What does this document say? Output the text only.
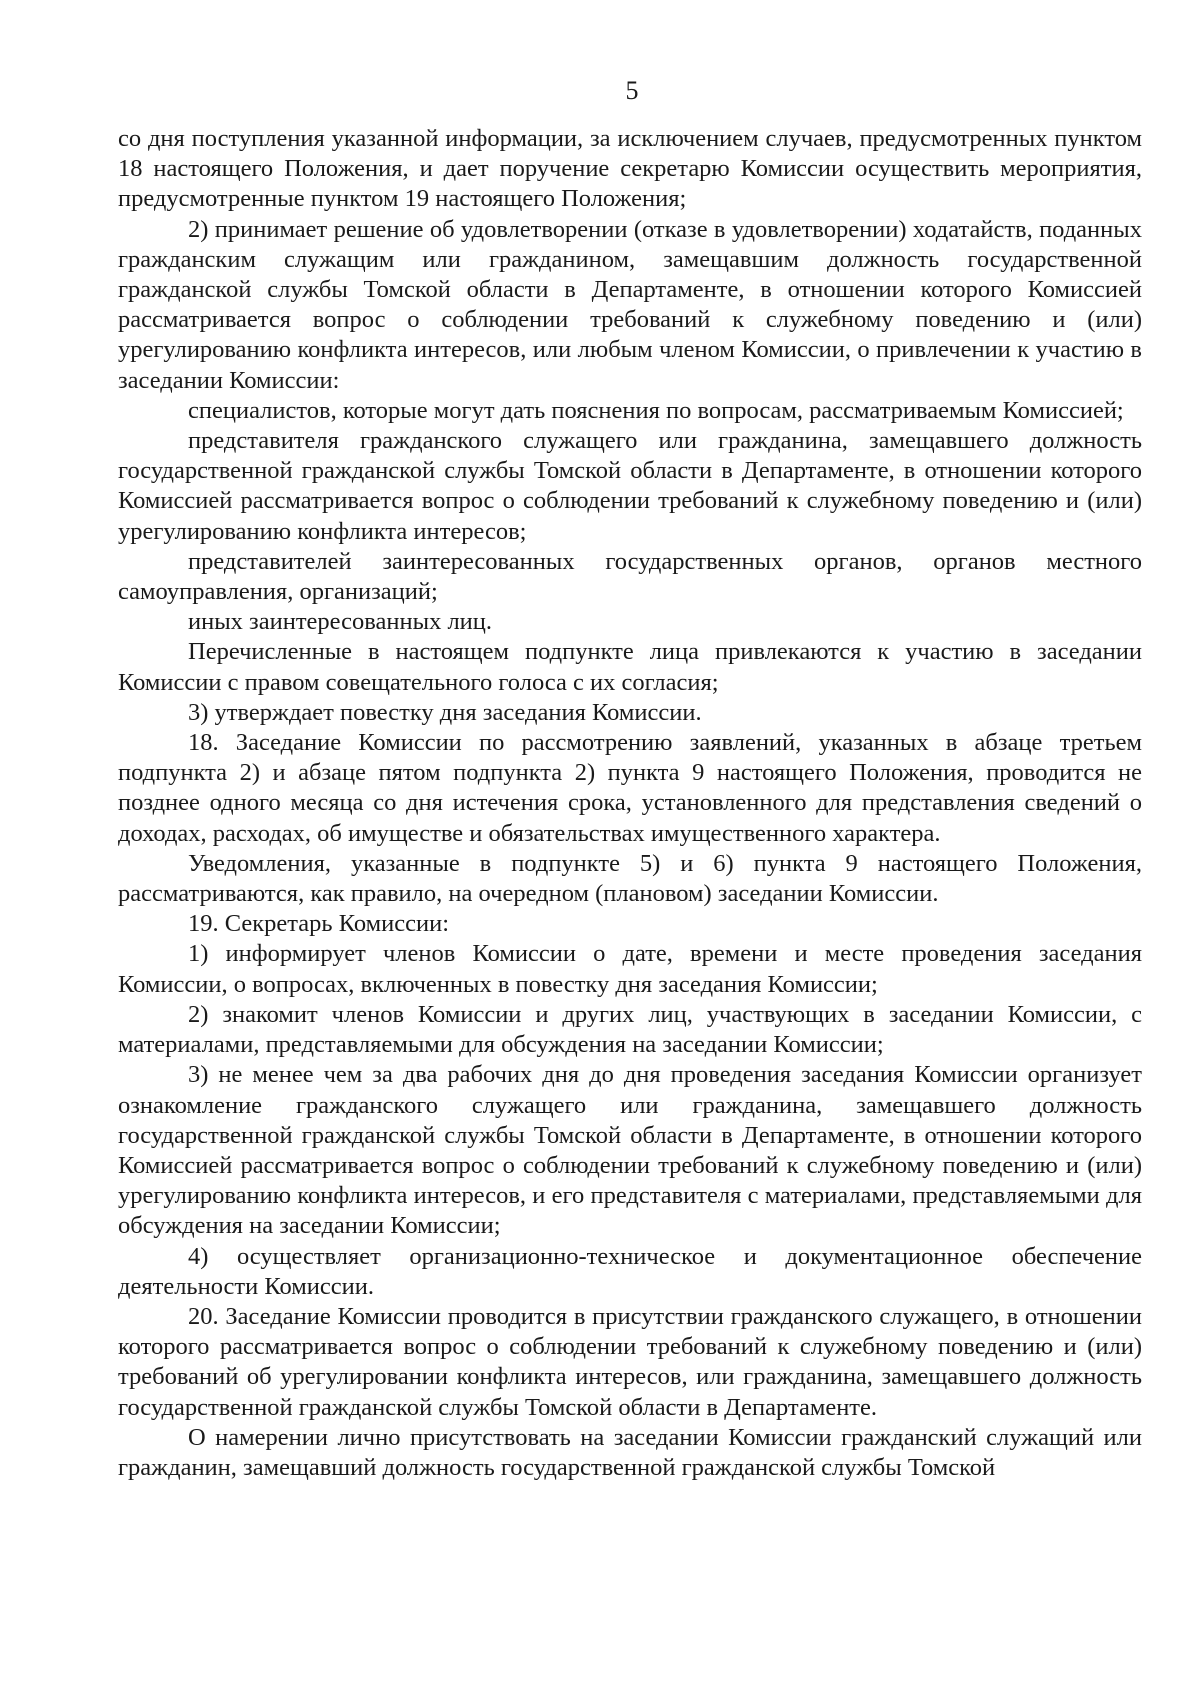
5

со дня поступления указанной информации, за исключением случаев, предусмотренных пунктом 18 настоящего Положения, и дает поручение секретарю Комиссии осуществить мероприятия, предусмотренные пунктом 19 настоящего Положения;

2) принимает решение об удовлетворении (отказе в удовлетворении) ходатайств, поданных гражданским служащим или гражданином, замещавшим должность государственной гражданской службы Томской области в Департаменте, в отношении которого Комиссией рассматривается вопрос о соблюдении требований к служебному поведению и (или) урегулированию конфликта интересов, или любым членом Комиссии, о привлечении к участию в заседании Комиссии:

специалистов, которые могут дать пояснения по вопросам, рассматриваемым Комиссией;

представителя гражданского служащего или гражданина, замещавшего должность государственной гражданской службы Томской области в Департаменте, в отношении которого Комиссией рассматривается вопрос о соблюдении требований к служебному поведению и (или) урегулированию конфликта интересов;

представителей заинтересованных государственных органов, органов местного самоуправления, организаций;

иных заинтересованных лиц.

Перечисленные в настоящем подпункте лица привлекаются к участию в заседании Комиссии с правом совещательного голоса с их согласия;

3) утверждает повестку дня заседания Комиссии.

18. Заседание Комиссии по рассмотрению заявлений, указанных в абзаце третьем подпункта 2) и абзаце пятом подпункта 2) пункта 9 настоящего Положения, проводится не позднее одного месяца со дня истечения срока, установленного для представления сведений о доходах, расходах, об имуществе и обязательствах имущественного характера.

Уведомления, указанные в подпункте 5) и 6) пункта 9 настоящего Положения, рассматриваются, как правило, на очередном (плановом) заседании Комиссии.

19. Секретарь Комиссии:

1) информирует членов Комиссии о дате, времени и месте проведения заседания Комиссии, о вопросах, включенных в повестку дня заседания Комиссии;

2) знакомит членов Комиссии и других лиц, участвующих в заседании Комиссии, с материалами, представляемыми для обсуждения на заседании Комиссии;

3) не менее чем за два рабочих дня до дня проведения заседания Комиссии организует ознакомление гражданского служащего или гражданина, замещавшего должность государственной гражданской службы Томской области в Департаменте, в отношении которого Комиссией рассматривается вопрос о соблюдении требований к служебному поведению и (или) урегулированию конфликта интересов, и его представителя с материалами, представляемыми для обсуждения на заседании Комиссии;

4) осуществляет организационно-техническое и документационное обеспечение деятельности Комиссии.

20. Заседание Комиссии проводится в присутствии гражданского служащего, в отношении которого рассматривается вопрос о соблюдении требований к служебному поведению и (или) требований об урегулировании конфликта интересов, или гражданина, замещавшего должность государственной гражданской службы Томской области в Департаменте.

О намерении лично присутствовать на заседании Комиссии гражданский служащий или гражданин, замещавший должность государственной гражданской службы Томской
